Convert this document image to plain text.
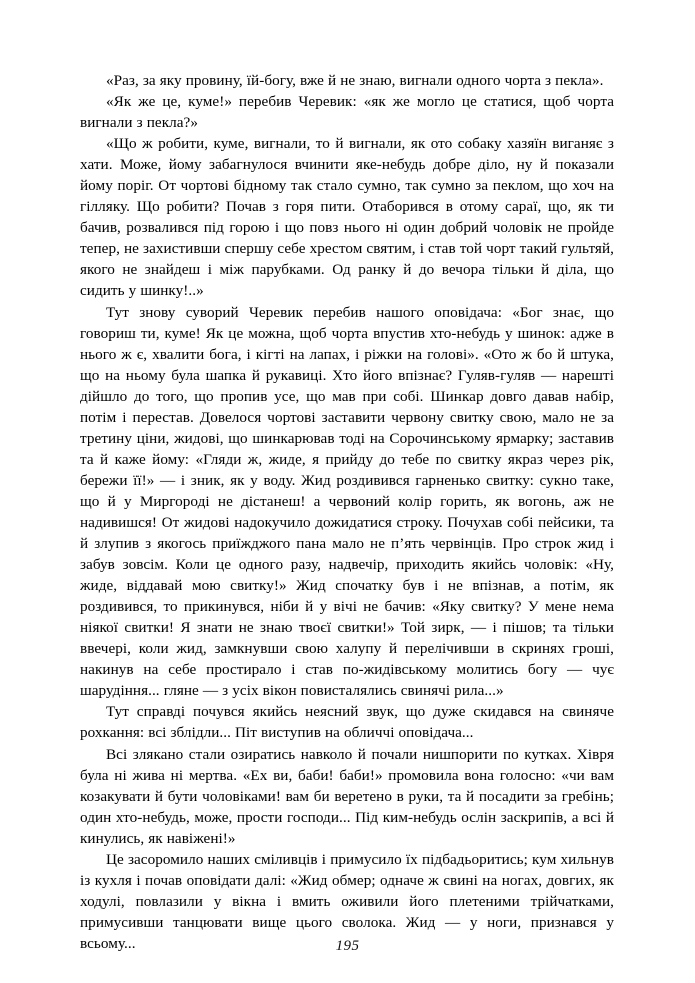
«Раз, за яку провину, їй-богу, вже й не знаю, вигнали одного чорта з пекла».

«Як же це, куме!» перебив Черевик: «як же могло це статися, щоб чорта вигнали з пекла?»

«Що ж робити, куме, вигнали, то й вигнали, як ото собаку хазяїн виганяє з хати. Може, йому забагнулося вчинити яке-небудь добре діло, ну й показали йому поріг. От чортові бідному так стало сумно, так сумно за пеклом, що хоч на гілляку. Що робити? Почав з горя пити. Отаборився в отому сараї, що, як ти бачив, розвалився під горою і що повз нього ні один добрий чоловік не пройде тепер, не захистивши спершу себе хрестом святим, і став той чорт такий гультяй, якого не знайдеш і між парубками. Од ранку й до вечора тільки й діла, що сидить у шинку!..»

Тут знову суворий Черевик перебив нашого оповідача: «Бог знає, що говориш ти, куме! Як це можна, щоб чорта впустив хто-небудь у шинок: адже в нього ж є, хвалити бога, і кігті на лапах, і ріжки на голові». «Ото ж бо й штука, що на ньому була шапка й рукавиці. Хто його впізнає? Гуляв-гуляв — нарешті дійшло до того, що пропив усе, що мав при собі. Шинкар довго давав набір, потім і перестав. Довелося чортові заставити червону свитку свою, мало не за третину ціни, жидові, що шинкарював тоді на Сорочинському ярмарку; заставив та й каже йому: «Гляди ж, жиде, я прийду до тебе по свитку якраз через рік, бережи її!» — і зник, як у воду. Жид роздивився гарненько свитку: сукно таке, що й у Миргороді не дістанеш! а червоний колір горить, як вогонь, аж не надивишся! От жидові надокучило дожидатися строку. Почухав собі пейсики, та й злупив з якогось приїжджого пана мало не п’ять червінців. Про строк жид і забув зовсім. Коли це одного разу, надвечір, приходить якийсь чоловік: «Ну, жиде, віддавай мою свитку!» Жид спочатку був і не впізнав, а потім, як роздивився, то прикинувся, ніби й у вічі не бачив: «Яку свитку? У мене нема ніякої свитки! Я знати не знаю твоєї свитки!» Той зирк, — і пішов; та тільки ввечері, коли жид, замкнувши свою халупу й перелічивши в скринях гроші, накинув на себе простирало і став по-жидівському молитись богу — чує шарудіння... гляне — з усіх вікон повисталялись свинячі рила...»

Тут справді почувся якийсь неясний звук, що дуже скидався на свиняче рохкання: всі зблідли... Піт виступив на обличчі оповідача...

Всі злякано стали озиратись навколо й почали нишпорити по кутках. Хівря була ні жива ні мертва. «Ех ви, баби! баби!» промовила вона голосно: «чи вам козакувати й бути чоловіками! вам би веретено в руки, та й посадити за гребінь; один хто-небудь, може, прости господи... Під ким-небудь ослін заскрипів, а всі й кинулись, як навіжені!»

Це засоромило наших сміливців і примусило їх підбадьоритись; кум хильнув із кухля і почав оповідати далі: «Жид обмер; одначе ж свині на ногах, довгих, як ходулі, повлазили у вікна і вмить оживили його плетеними трійчатками, примусивши танцювати вище цього сволока. Жид — у ноги, признався у всьому...	195
